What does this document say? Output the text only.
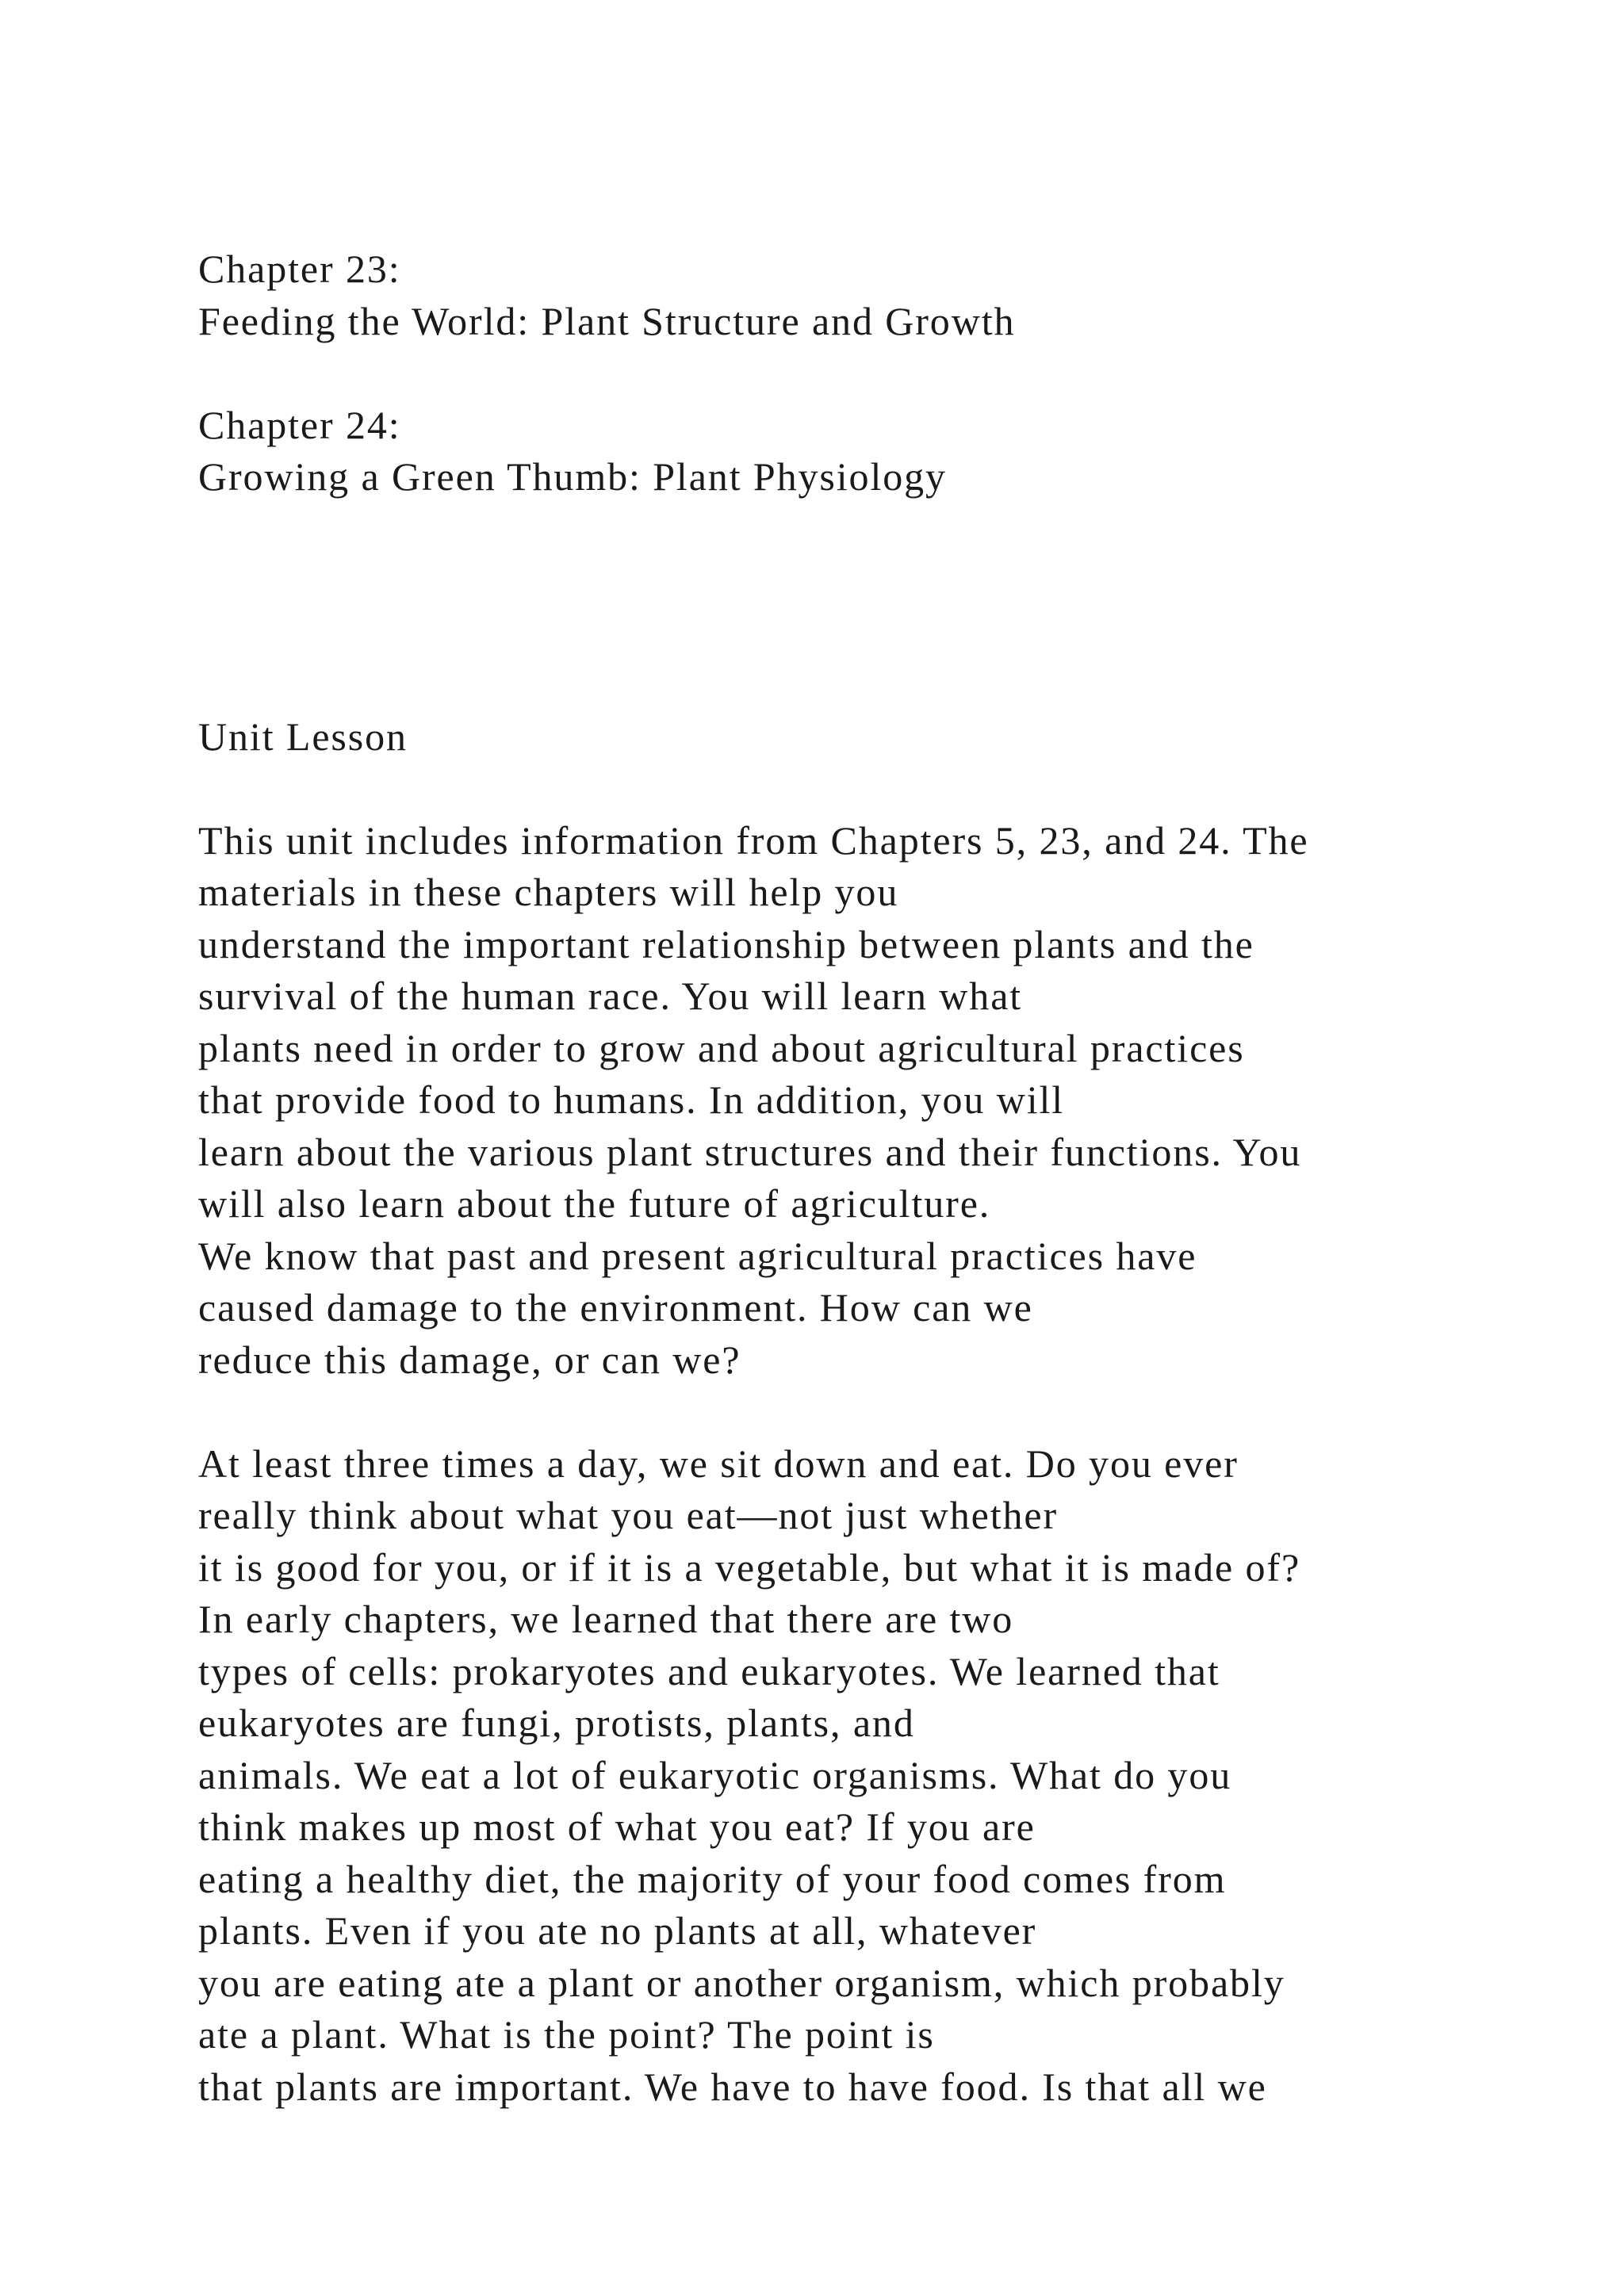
Chapter 23:
Feeding the World: Plant Structure and Growth
Chapter 24:
Growing a Green Thumb: Plant Physiology
Unit Lesson
This unit includes information from Chapters 5, 23, and 24. The
materials in these chapters will help you
understand the important relationship between plants and the
survival of the human race. You will learn what
plants need in order to grow and about agricultural practices
that provide food to humans. In addition, you will
learn about the various plant structures and their functions. You
will also learn about the future of agriculture.
We know that past and present agricultural practices have
caused damage to the environment. How can we
reduce this damage, or can we?
At least three times a day, we sit down and eat. Do you ever
really think about what you eat—not just whether
it is good for you, or if it is a vegetable, but what it is made of?
In early chapters, we learned that there are two
types of cells: prokaryotes and eukaryotes. We learned that
eukaryotes are fungi, protists, plants, and
animals. We eat a lot of eukaryotic organisms. What do you
think makes up most of what you eat? If you are
eating a healthy diet, the majority of your food comes from
plants. Even if you ate no plants at all, whatever
you are eating ate a plant or another organism, which probably
ate a plant. What is the point? The point is
that plants are important. We have to have food. Is that all we
